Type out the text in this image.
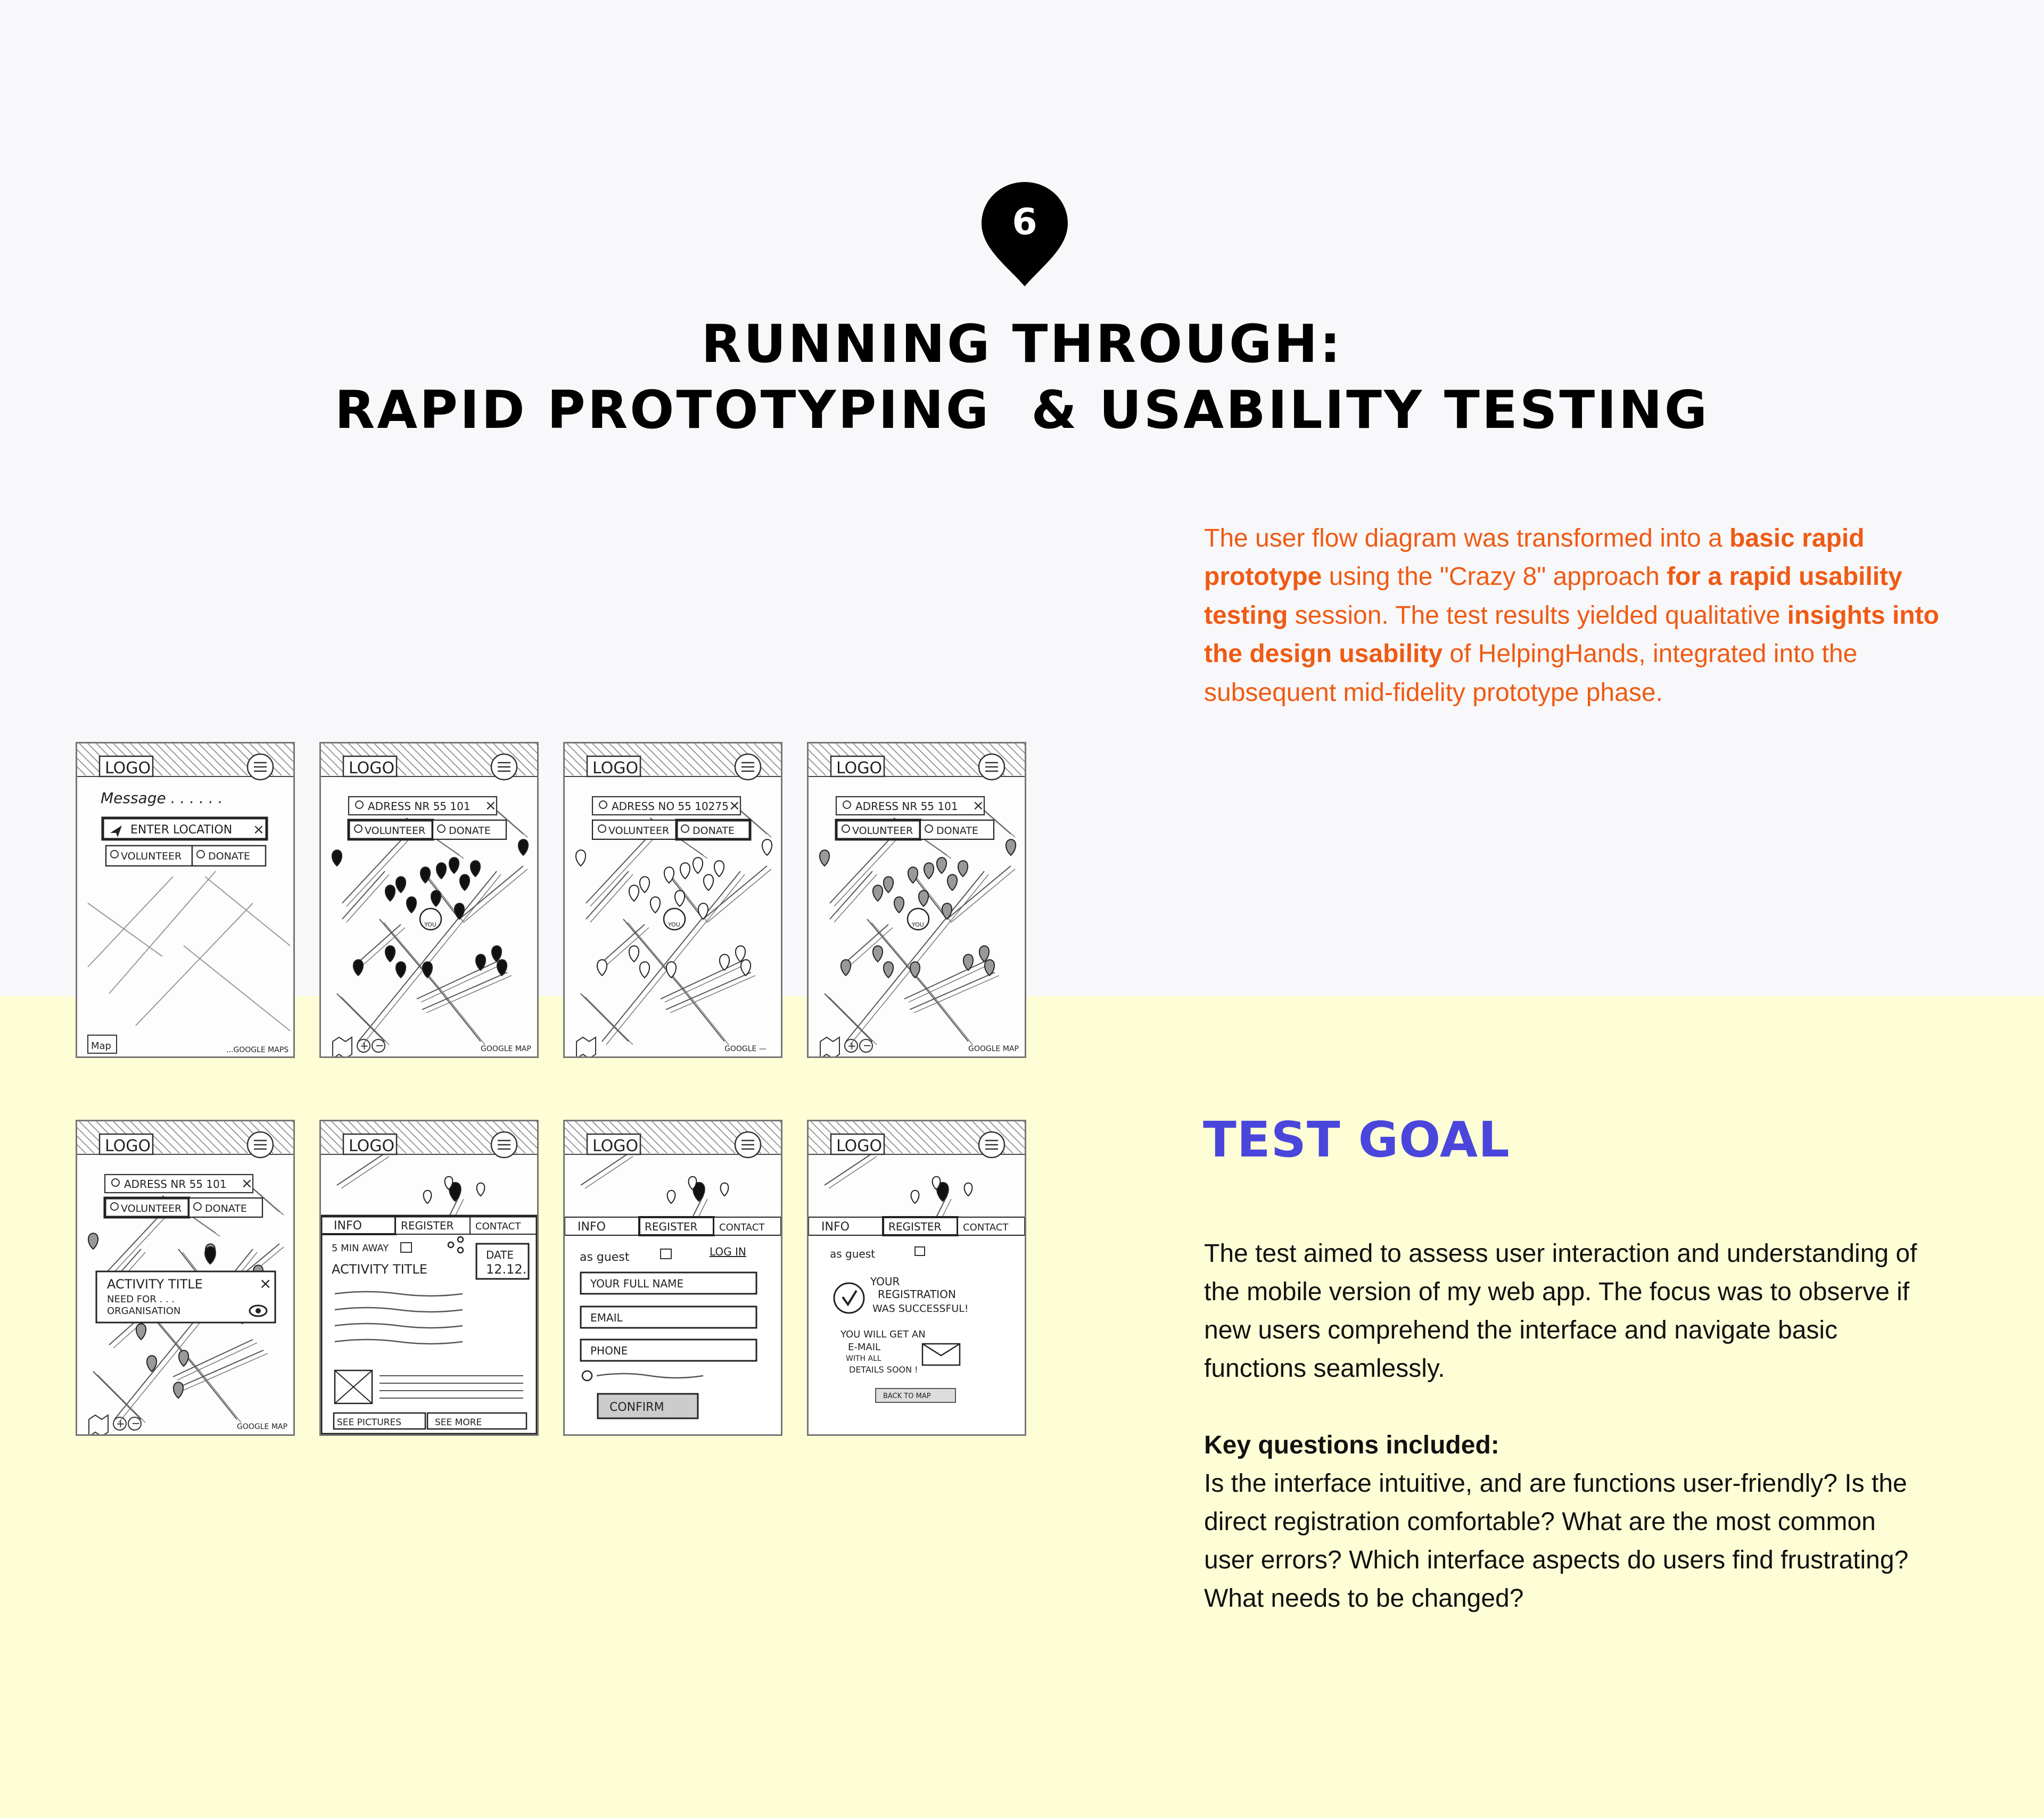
6
RUNNING THROUGH:
RAPID PROTOTYPING  & USABILITY TESTING
The user flow diagram was transformed into a basic rapid prototype using the "Crazy 8" approach for a rapid usability testing session. The test results yielded qualitative insights into the design usability of HelpingHands, integrated into the subsequent mid-fidelity prototype phase.
LOGO
Message . . . . . .
ENTER LOCATION ×
VOLUNTEER	DONATE
Map	...GOOGLE MAPS
LOGO
ADRESS NR 55 101 ×
VOLUNTEER DONATE
YOU
+ −	GOOGLE MAP
LOGO
ADRESS NO 55 10275 ×
VOLUNTEER DONATE
YOU
GOOGLE —
LOGO
ADRESS NR 55 101 ×
VOLUNTEER DONATE
YOU
+ −	GOOGLE MAP
LOGO
ADRESS NR 55 101 ×
VOLUNTEER DONATE
ACTIVITY TITLE	×
NEED FOR . . .
ORGANISATION
+ −	GOOGLE MAP
LOGO
INFO	REGISTER CONTACT
5 MIN AWAY
DATE
12.12.
ACTIVITY TITLE
SEE PICTURES	SEE MORE
LOGO
INFO	REGISTER CONTACT
as guest	LOG IN
YOUR FULL NAME
EMAIL
PHONE
CONFIRM
LOGO
INFO	REGISTER CONTACT
as guest
YOUR
REGISTRATION
WAS SUCCESSFUL!
YOU WILL GET AN
E-MAIL
WITH ALL
DETAILS SOON !
BACK TO MAP
TEST GOAL
The test aimed to assess user interaction and understanding of the mobile version of my web app. The focus was to observe if new users comprehend the interface and navigate basic functions seamlessly.
Key questions included:
Is the interface intuitive, and are functions user-friendly? Is the direct registration comfortable? What are the most common user errors? Which interface aspects do users find frustrating? What needs to be changed?
